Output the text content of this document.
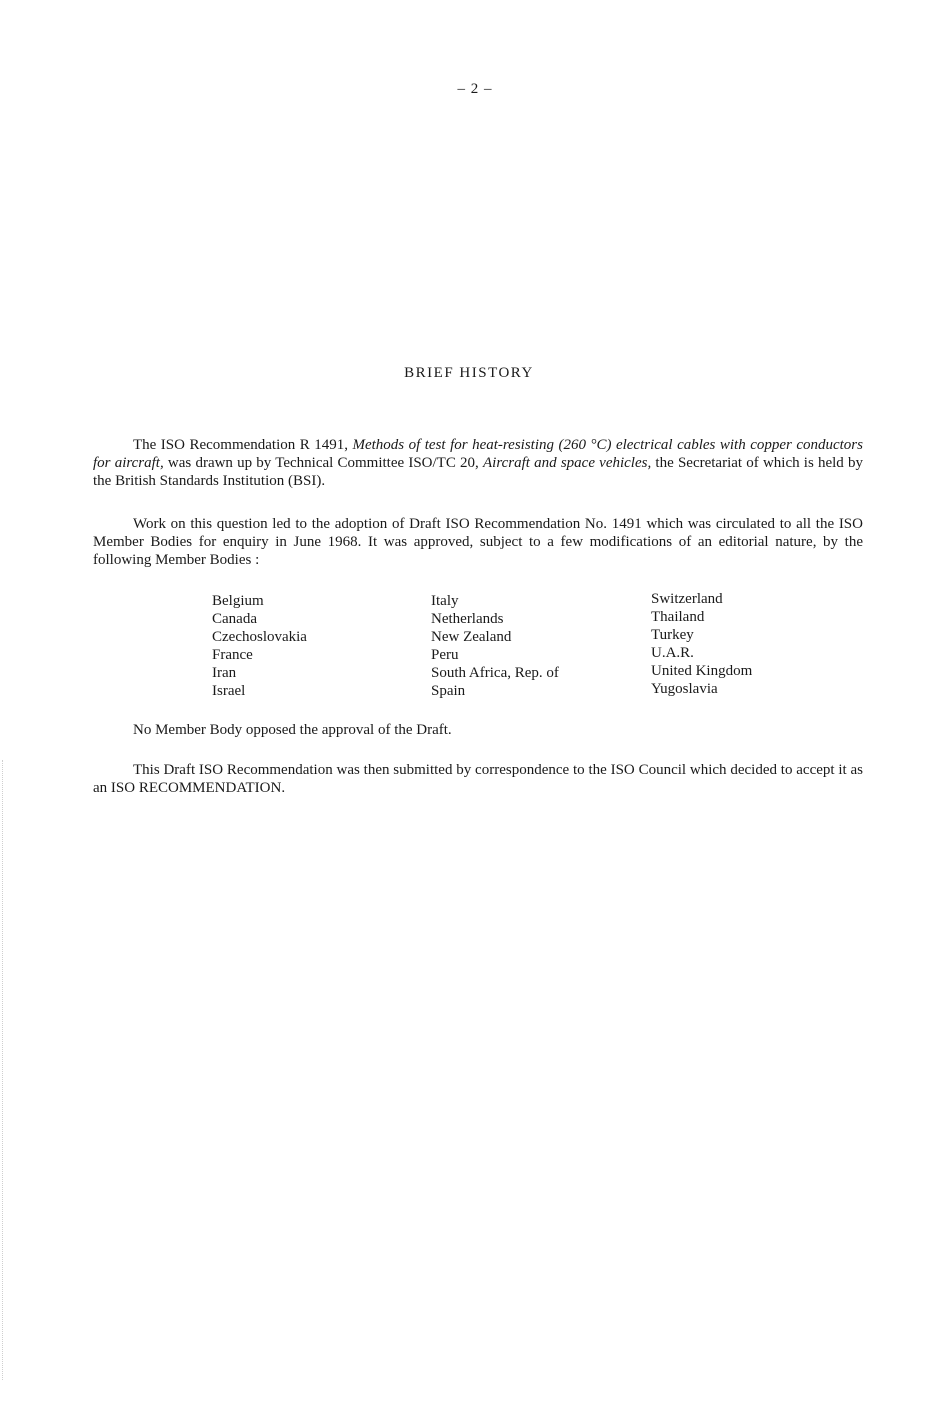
– 2 –
BRIEF HISTORY

The ISO Recommendation R 1491, Methods of test for heat-resisting (260 °C) electrical cables with copper conductors for aircraft, was drawn up by Technical Committee ISO/TC 20, Aircraft and space vehicles, the Secretariat of which is held by the British Standards Institution (BSI).

Work on this question led to the adoption of Draft ISO Recommendation No. 1491 which was circulated to all the ISO Member Bodies for enquiry in June 1968. It was approved, subject to a few modifications of an editorial nature, by the following Member Bodies :

Belgium
Canada
Czechoslovakia
France
Iran
Israel
Italy
Netherlands
New Zealand
Peru
South Africa, Rep. of
Spain
Switzerland
Thailand
Turkey
U.A.R.
United Kingdom
Yugoslavia

No Member Body opposed the approval of the Draft.

This Draft ISO Recommendation was then submitted by correspondence to the ISO Council which decided to accept it as an ISO RECOMMENDATION.
